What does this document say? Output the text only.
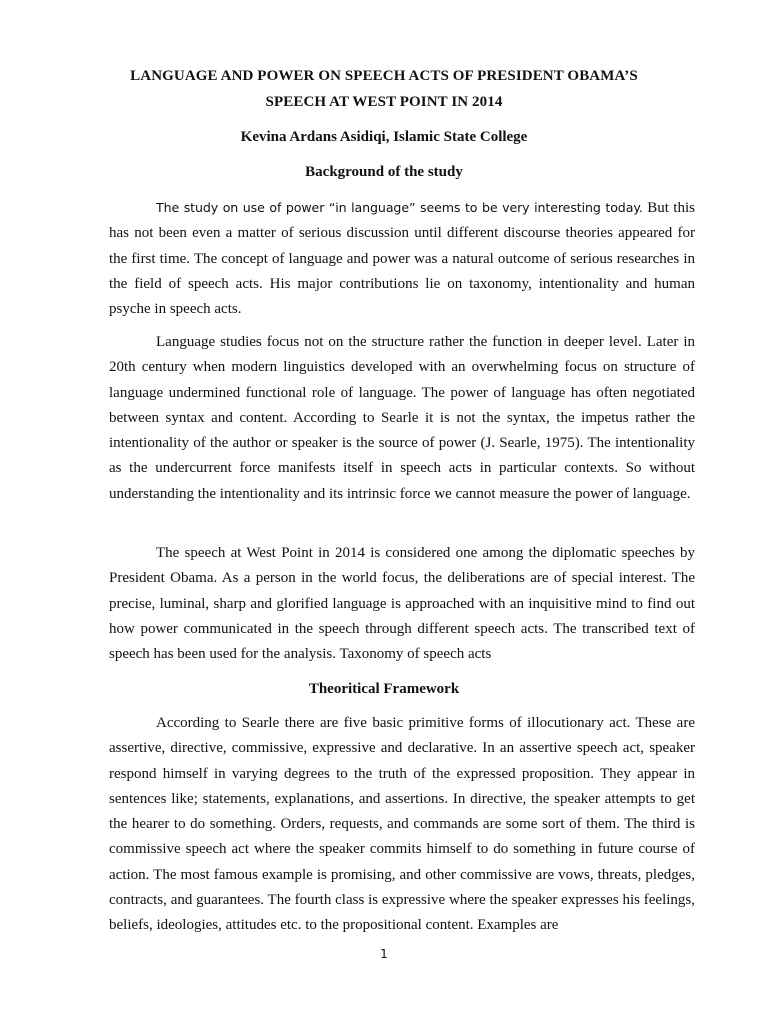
LANGUAGE AND POWER ON SPEECH ACTS OF PRESIDENT OBAMA’S
SPEECH AT WEST POINT IN 2014
Kevina Ardans Asidiqi, Islamic State College
Background of the study

The study on use of power “in language” seems to be very interesting today. But this has not been even a matter of serious discussion until different discourse theories appeared for the first time. The concept of language and power was a natural outcome of serious researches in the field of speech acts. His major contributions lie on taxonomy, intentionality and human psyche in speech acts.

Language studies focus not on the structure rather the function in deeper level. Later in 20th century when modern linguistics developed with an overwhelming focus on structure of language undermined functional role of language. The power of language has often negotiated between syntax and content. According to Searle it is not the syntax, the impetus rather the intentionality of the author or speaker is the source of power (J. Searle, 1975). The intentionality as the undercurrent force manifests itself in speech acts in particular contexts. So without understanding the intentionality and its intrinsic force we cannot measure the power of language.

The speech at West Point in 2014 is considered one among the diplomatic speeches by President Obama. As a person in the world focus, the deliberations are of special interest. The precise, luminal, sharp and glorified language is approached with an inquisitive mind to find out how power communicated in the speech through different speech acts. The transcribed text of speech has been used for the analysis. Taxonomy of speech acts

Theoritical Framework

According to Searle there are five basic primitive forms of illocutionary act. These are assertive, directive, commissive, expressive and declarative. In an assertive speech act, speaker respond himself in varying degrees to the truth of the expressed proposition. They appear in sentences like; statements, explanations, and assertions. In directive, the speaker attempts to get the hearer to do something. Orders, requests, and commands are some sort of them. The third is commissive speech act where the speaker commits himself to do something in future course of action. The most famous example is promising, and other commissive are vows, threats, pledges, contracts, and guarantees. The fourth class is expressive where the speaker expresses his feelings, beliefs, ideologies, attitudes etc. to the propositional content. Examples are

1
